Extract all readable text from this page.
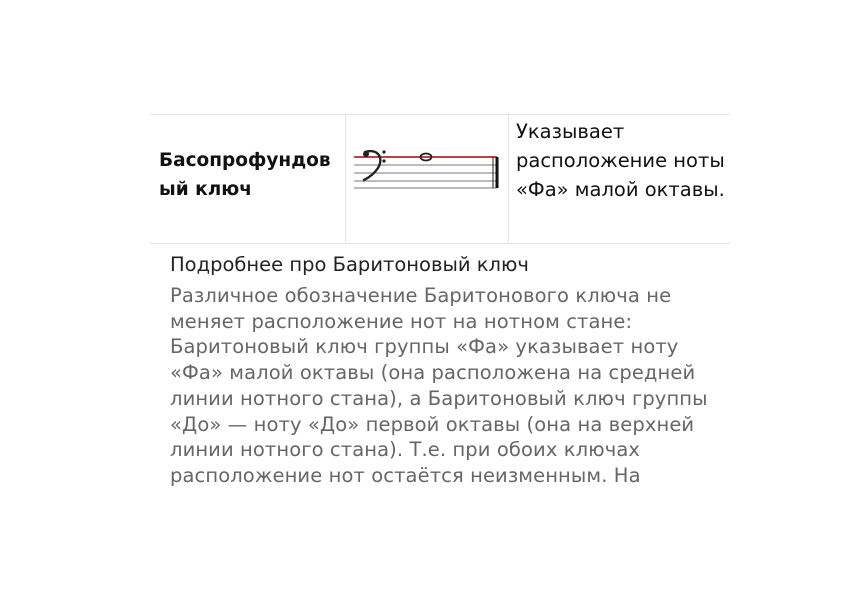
Басопрофундовый ключ
Указывает расположение ноты «Фа» малой октавы.
Подробнее про Баритоновый ключ
Различное обозначение Баритонового ключа не меняет расположение нот на нотном стане: Баритоновый ключ группы «Фа» указывает ноту «Фа» малой октавы (она расположена на средней линии нотного стана), а Баритоновый ключ группы «До» — ноту «До» первой октавы (она на верхней линии нотного стана). Т.е. при обоих ключах расположение нот остаётся неизменным. На
